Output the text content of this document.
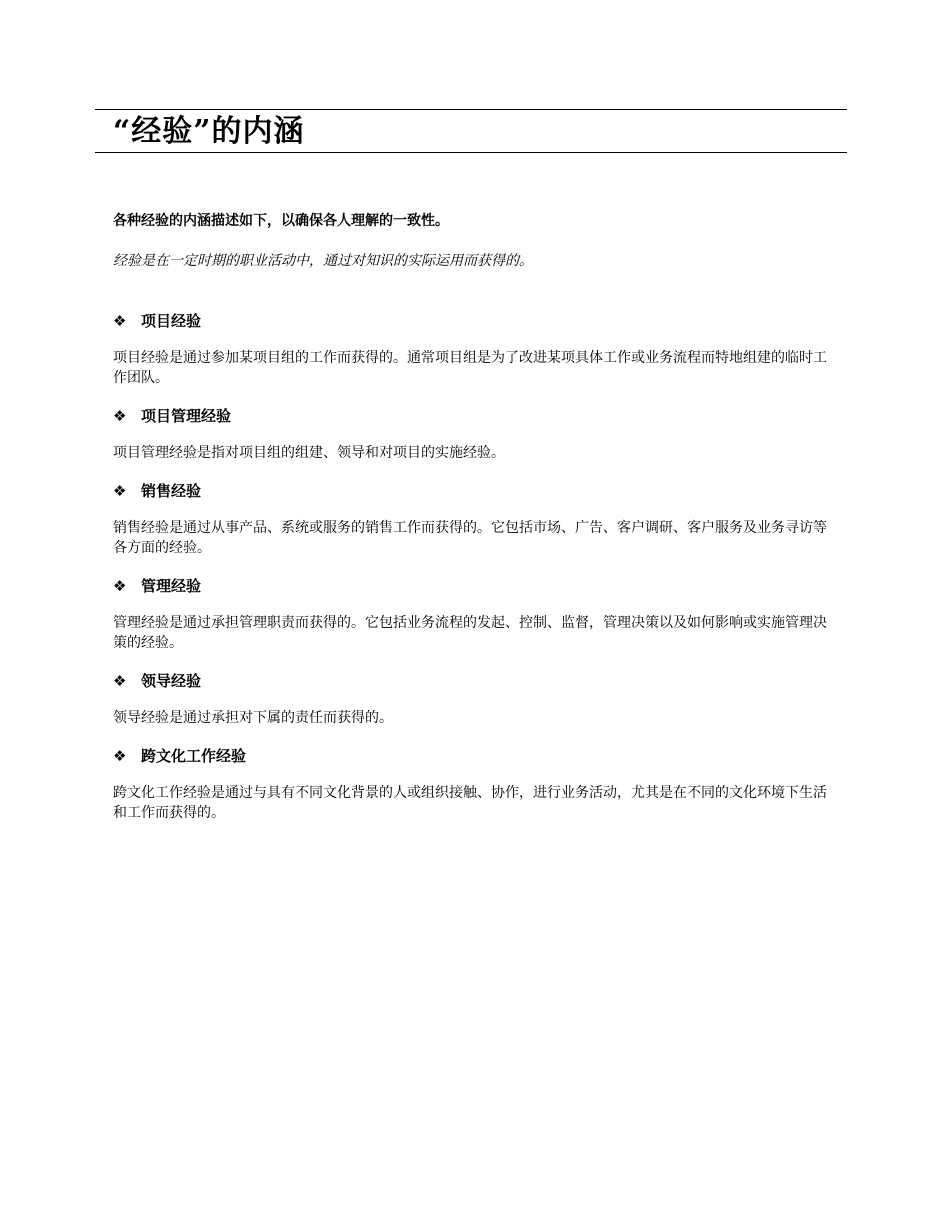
“经验”的内涵

各种经验的内涵描述如下，以确保各人理解的一致性。

经验是在一定时期的职业活动中，通过对知识的实际运用而获得的。

❖ 项目经验

项目经验是通过参加某项目组的工作而获得的。通常项目组是为了改进某项具体工作或业务流程而特地组建的临时工作团队。

❖ 项目管理经验

项目管理经验是指对项目组的组建、领导和对项目的实施经验。

❖ 销售经验

销售经验是通过从事产品、系统或服务的销售工作而获得的。它包括市场、广告、客户调研、客户服务及业务寻访等各方面的经验。

❖ 管理经验

管理经验是通过承担管理职责而获得的。它包括业务流程的发起、控制、监督，管理决策以及如何影响或实施管理决策的经验。

❖ 领导经验

领导经验是通过承担对下属的责任而获得的。

❖ 跨文化工作经验

跨文化工作经验是通过与具有不同文化背景的人或组织接触、协作，进行业务活动，尤其是在不同的文化环境下生活和工作而获得的。
